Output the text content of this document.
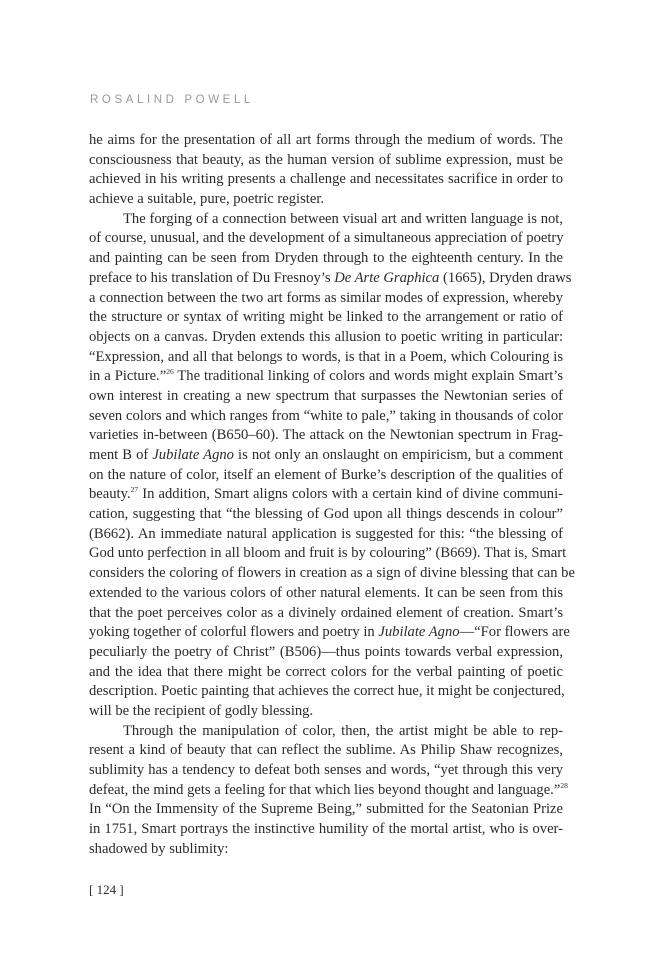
ROSALIND POWELL
he aims for the presentation of all art forms through the medium of words. The
consciousness that beauty, as the human version of sublime expression, must be
achieved in his writing presents a challenge and necessitates sacrifice in order to
achieve a suitable, pure, poetric register.
The forging of a connection between visual art and written language is not,
of course, unusual, and the development of a simultaneous appreciation of poetry
and painting can be seen from Dryden through to the eighteenth century. In the
preface to his translation of Du Fresnoy’s De Arte Graphica (1665), Dryden draws
a connection between the two art forms as similar modes of expression, whereby
the structure or syntax of writing might be linked to the arrangement or ratio of
objects on a canvas. Dryden extends this allusion to poetic writing in particular:
“Expression, and all that belongs to words, is that in a Poem, which Colouring is
in a Picture.”$^{26}$ The traditional linking of colors and words might explain Smart’s
own interest in creating a new spectrum that surpasses the Newtonian series of
seven colors and which ranges from “white to pale,” taking in thousands of color
varieties in-between (B650–60). The attack on the Newtonian spectrum in Frag-
ment B of Jubilate Agno is not only an onslaught on empiricism, but a comment
on the nature of color, itself an element of Burke’s description of the qualities of
beauty.$^{27}$ In addition, Smart aligns colors with a certain kind of divine communi-
cation, suggesting that “the blessing of God upon all things descends in colour”
(B662). An immediate natural application is suggested for this: “the blessing of
God unto perfection in all bloom and fruit is by colouring” (B669). That is, Smart
considers the coloring of flowers in creation as a sign of divine blessing that can be
extended to the various colors of other natural elements. It can be seen from this
that the poet perceives color as a divinely ordained element of creation. Smart’s
yoking together of colorful flowers and poetry in Jubilate Agno—“For flowers are
peculiarly the poetry of Christ” (B506)—thus points towards verbal expression,
and the idea that there might be correct colors for the verbal painting of poetic
description. Poetic painting that achieves the correct hue, it might be conjectured,
will be the recipient of godly blessing.
Through the manipulation of color, then, the artist might be able to rep-
resent a kind of beauty that can reflect the sublime. As Philip Shaw recognizes,
sublimity has a tendency to defeat both senses and words, “yet through this very
defeat, the mind gets a feeling for that which lies beyond thought and language.”$^{28}$
In “On the Immensity of the Supreme Being,” submitted for the Seatonian Prize
in 1751, Smart portrays the instinctive humility of the mortal artist, who is over-
shadowed by sublimity:
[ 124 ]
